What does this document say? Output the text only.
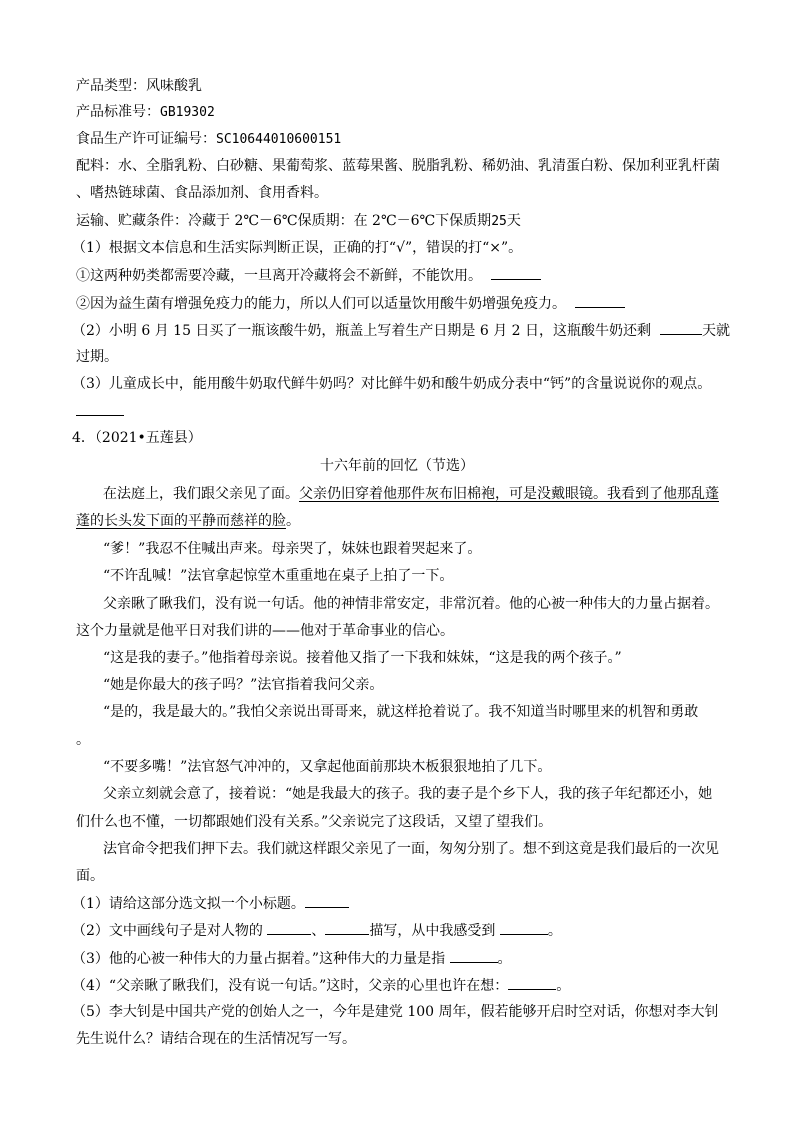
产品类型：风味酸乳
产品标准号：GB19302
食品生产许可证编号：SC10644010600151
配料：水、全脂乳粉、白砂糖、果葡萄浆、蓝莓果酱、脱脂乳粉、稀奶油、乳清蛋白粉、保加利亚乳杆菌
、嗜热链球菌、食品添加剂、食用香料。
运输、贮藏条件：冷藏于 2℃－6℃保质期：在 2℃－6℃下保质期25天
（1）根据文本信息和生活实际判断正误，正确的打“√”，错误的打“×”。
①这两种奶类都需要冷藏，一旦离开冷藏将会不新鲜，不能饮用。
②因为益生菌有增强免疫力的能力，所以人们可以适量饮用酸牛奶增强免疫力。
（2）小明 6 月 15 日买了一瓶该酸牛奶，瓶盖上写着生产日期是 6 月 2 日，这瓶酸牛奶还剩	天就
过期。
（3）儿童成长中，能用酸牛奶取代鲜牛奶吗？对比鲜牛奶和酸牛奶成分表中“钙”的含量说说你的观点。
4．（2021•五莲县）
十六年前的回忆（节选）
在法庭上，我们跟父亲见了面。父亲仍旧穿着他那件灰布旧棉袍，可是没戴眼镜。我看到了他那乱蓬
蓬的长头发下面的平静而慈祥的脸。
“爹！”我忍不住喊出声来。母亲哭了，妹妹也跟着哭起来了。
“不许乱喊！”法官拿起惊堂木重重地在桌子上拍了一下。
父亲瞅了瞅我们，没有说一句话。他的神情非常安定，非常沉着。他的心被一种伟大的力量占据着。
这个力量就是他平日对我们讲的——他对于革命事业的信心。
“这是我的妻子。”他指着母亲说。接着他又指了一下我和妹妹，“这是我的两个孩子。”
“她是你最大的孩子吗？”法官指着我问父亲。
“是的，我是最大的。”我怕父亲说出哥哥来，就这样抢着说了。我不知道当时哪里来的机智和勇敢
。
“不要多嘴！”法官怒气冲冲的，又拿起他面前那块木板狠狠地拍了几下。
父亲立刻就会意了，接着说：“她是我最大的孩子。我的妻子是个乡下人，我的孩子年纪都还小，她
们什么也不懂，一切都跟她们没有关系。”父亲说完了这段话，又望了望我们。
法官命令把我们押下去。我们就这样跟父亲见了一面，匆匆分别了。想不到这竟是我们最后的一次见
面。
（1）请给这部分选文拟一个小标题。
（2）文中画线句子是对人物的	、	描写，从中我感受到	。
（3）他的心被一种伟大的力量占据着。”这种伟大的力量是指	。
（4）“父亲瞅了瞅我们，没有说一句话。”这时，父亲的心里也许在想：	。
（5）李大钊是中国共产党的创始人之一，今年是建党 100 周年，假若能够开启时空对话，你想对李大钊
先生说什么？请结合现在的生活情况写一写。
